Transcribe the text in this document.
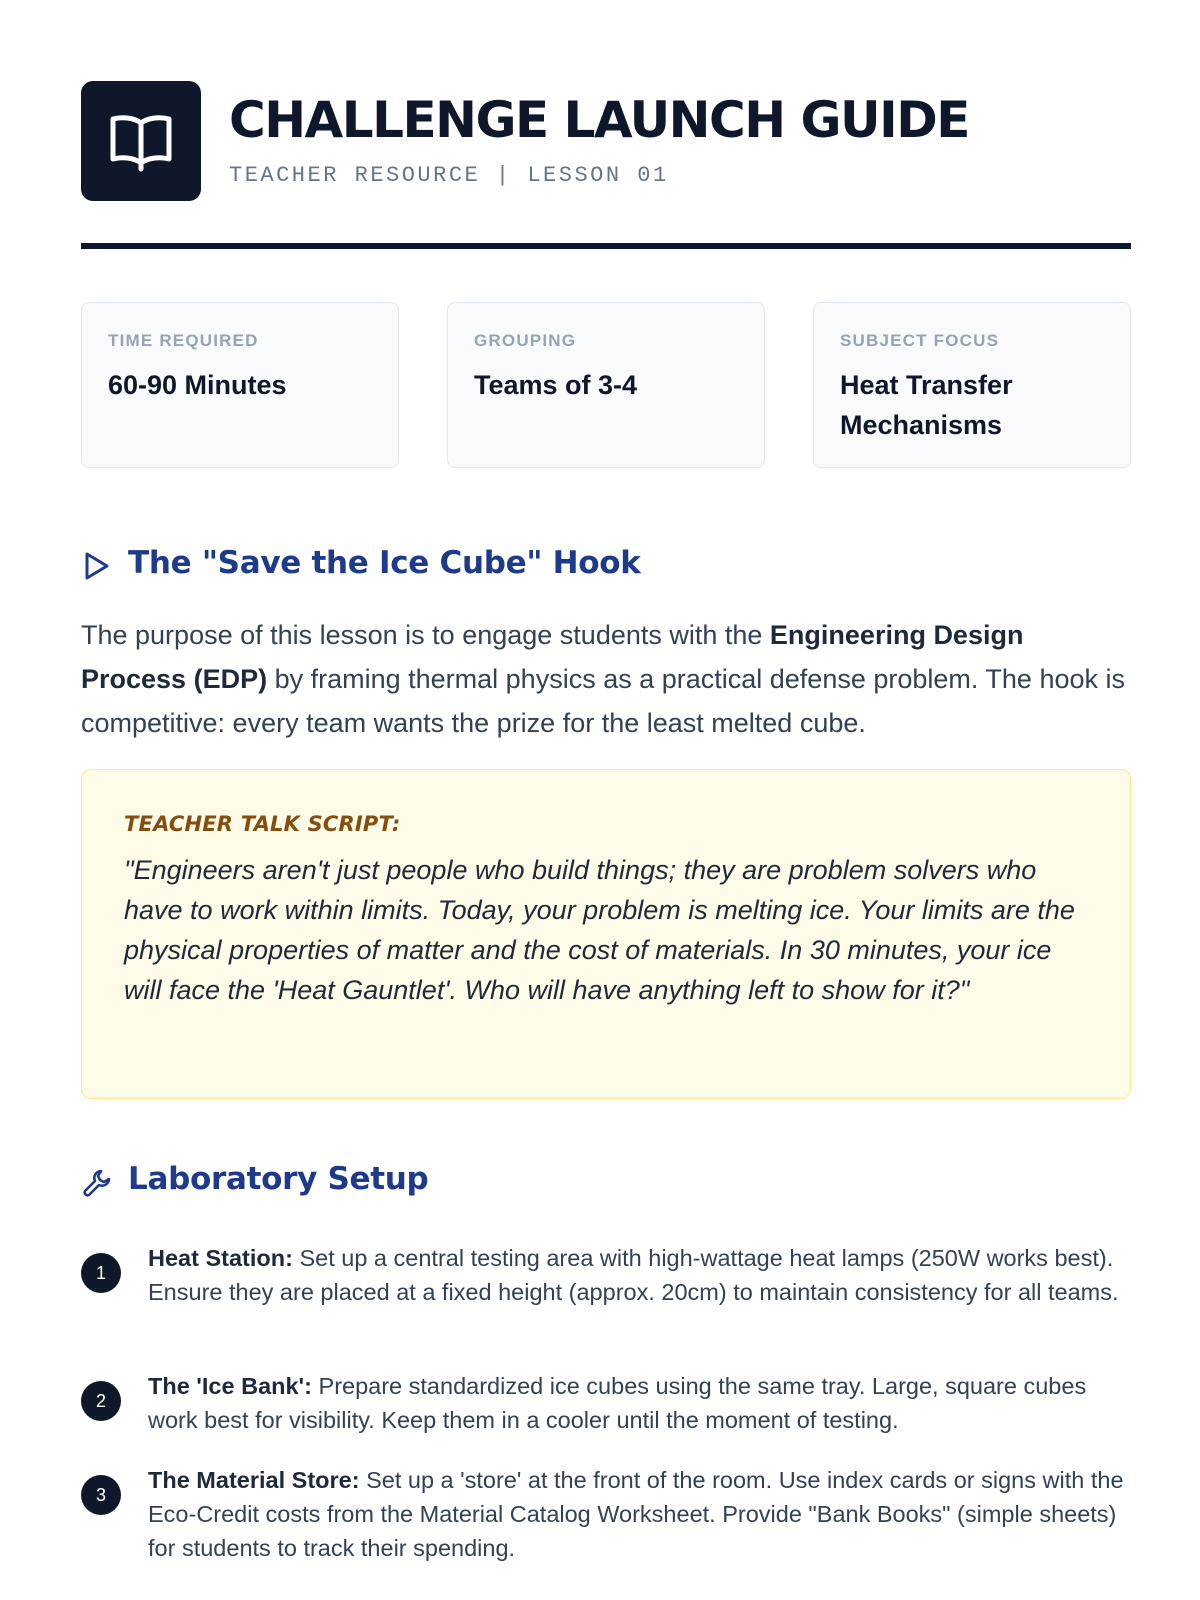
CHALLENGE LAUNCH GUIDE
TEACHER RESOURCE | LESSON 01
TIME REQUIRED
60-90 Minutes
GROUPING
Teams of 3-4
SUBJECT FOCUS
Heat Transfer Mechanisms
The "Save the Ice Cube" Hook
The purpose of this lesson is to engage students with the Engineering Design Process (EDP) by framing thermal physics as a practical defense problem. The hook is competitive: every team wants the prize for the least melted cube.
TEACHER TALK SCRIPT:
"Engineers aren't just people who build things; they are problem solvers who have to work within limits. Today, your problem is melting ice. Your limits are the physical properties of matter and the cost of materials. In 30 minutes, your ice will face the 'Heat Gauntlet'. Who will have anything left to show for it?"
Laboratory Setup
1
Heat Station: Set up a central testing area with high-wattage heat lamps (250W works best). Ensure they are placed at a fixed height (approx. 20cm) to maintain consistency for all teams.
2
The 'Ice Bank': Prepare standardized ice cubes using the same tray. Large, square cubes work best for visibility. Keep them in a cooler until the moment of testing.
3
The Material Store: Set up a 'store' at the front of the room. Use index cards or signs with the Eco-Credit costs from the Material Catalog Worksheet. Provide "Bank Books" (simple sheets) for students to track their spending.
